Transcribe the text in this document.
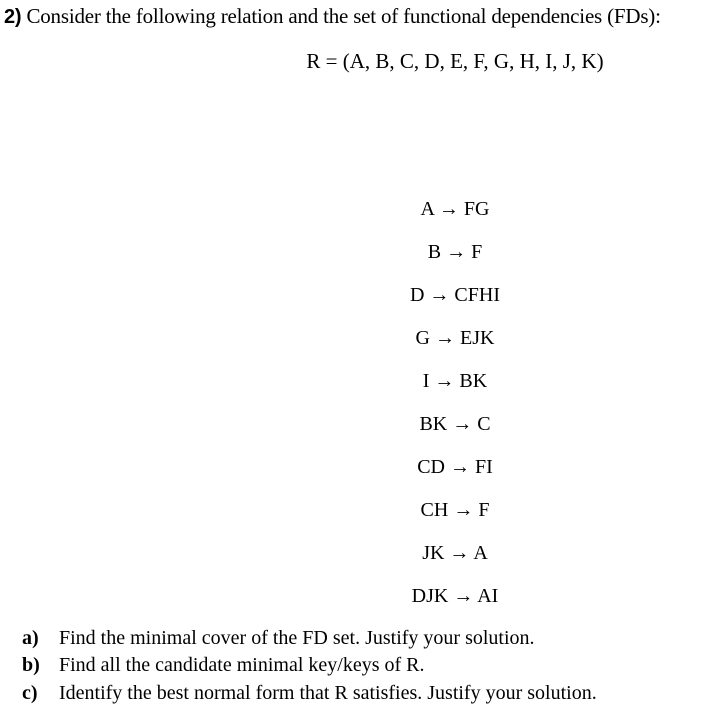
2) Consider the following relation and the set of functional dependencies (FDs):
R = (A, B, C, D, E, F, G, H, I, J, K)
A → FG
B → F
D → CFHI
G → EJK
I → BK
BK → C
CD → FI
CH → F
JK → A
DJK → AI
a) Find the minimal cover of the FD set. Justify your solution.
b) Find all the candidate minimal key/keys of R.
c) Identify the best normal form that R satisfies. Justify your solution.
